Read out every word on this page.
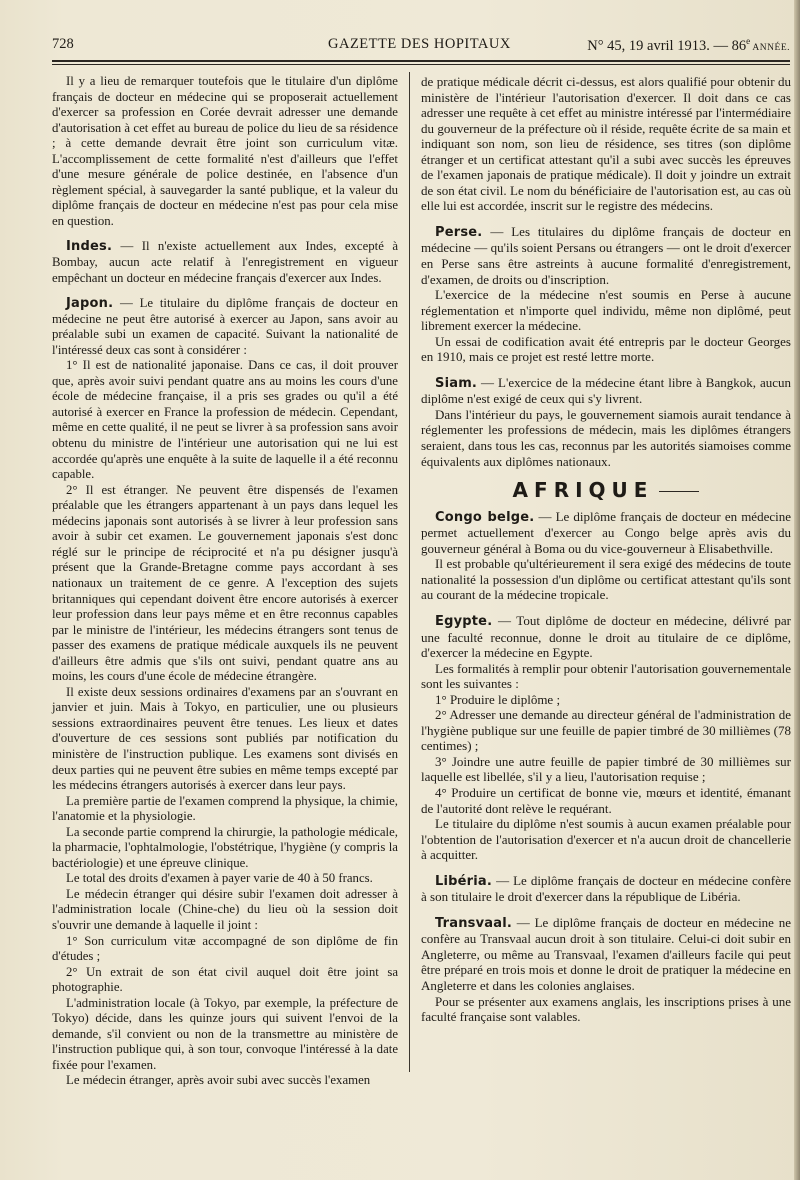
728	GAZETTE DES HOPITAUX	N° 45, 19 avril 1913. — 86e ANNÉE.

Il y a lieu de remarquer toutefois que le titulaire d'un diplôme français de docteur en médecine qui se proposerait actuellement d'exercer sa profession en Corée devrait adresser une demande d'autorisation à cet effet au bureau de police du lieu de sa résidence ; à cette demande devrait être joint son curriculum vitæ. L'accomplissement de cette formalité n'est d'ailleurs que l'effet d'une mesure générale de police destinée, en l'absence d'un règlement spécial, à sauvegarder la santé publique, et la valeur du diplôme français de docteur en médecine n'est pas pour cela mise en question.

Indes. — Il n'existe actuellement aux Indes, excepté à Bombay, aucun acte relatif à l'enregistrement en vigueur empêchant un docteur en médecine français d'exercer aux Indes.

Japon. — Le titulaire du diplôme français de docteur en médecine ne peut être autorisé à exercer au Japon, sans avoir au préalable subi un examen de capacité. Suivant la nationalité de l'intéressé deux cas sont à considérer :

1° Il est de nationalité japonaise. Dans ce cas, il doit prouver que, après avoir suivi pendant quatre ans au moins les cours d'une école de médecine française, il a pris ses grades ou qu'il a été autorisé à exercer en France la profession de médecin. Cependant, même en cette qualité, il ne peut se livrer à sa profession sans avoir obtenu du ministre de l'intérieur une autorisation qui ne lui est accordée qu'après une enquête à la suite de laquelle il a été reconnu capable.

2° Il est étranger. Ne peuvent être dispensés de l'examen préalable que les étrangers appartenant à un pays dans lequel les médecins japonais sont autorisés à se livrer à leur profession sans avoir à subir cet examen. Le gouvernement japonais s'est donc réglé sur le principe de réciprocité et n'a pu désigner jusqu'à présent que la Grande-Bretagne comme pays accordant à ses nationaux un traitement de ce genre. A l'exception des sujets britanniques qui cependant doivent être encore autorisés à exercer leur profession dans leur pays même et en être reconnus capables par le ministre de l'intérieur, les médecins étrangers sont tenus de passer des examens de pratique médicale auxquels ils ne peuvent d'ailleurs être admis que s'ils ont suivi, pendant quatre ans au moins, les cours d'une école de médecine étrangère.

Il existe deux sessions ordinaires d'examens par an s'ouvrant en janvier et juin. Mais à Tokyo, en particulier, une ou plusieurs sessions extraordinaires peuvent être tenues. Les lieux et dates d'ouverture de ces sessions sont publiés par notification du ministère de l'instruction publique. Les examens sont divisés en deux parties qui ne peuvent être subies en même temps excepté par les médecins étrangers autorisés à exercer dans leur pays.

La première partie de l'examen comprend la physique, la chimie, l'anatomie et la physiologie.

La seconde partie comprend la chirurgie, la pathologie médicale, la pharmacie, l'ophtalmologie, l'obstétrique, l'hygiène (y compris la bactériologie) et une épreuve clinique.

Le total des droits d'examen à payer varie de 40 à 50 francs.

Le médecin étranger qui désire subir l'examen doit adresser à l'administration locale (Chine-che) du lieu où la session doit s'ouvrir une demande à laquelle il joint :

1° Son curriculum vitæ accompagné de son diplôme de fin d'études ;

2° Un extrait de son état civil auquel doit être joint sa photographie.

L'administration locale (à Tokyo, par exemple, la préfecture de Tokyo) décide, dans les quinze jours qui suivent l'envoi de la demande, s'il convient ou non de la transmettre au ministère de l'instruction publique qui, à son tour, convoque l'intéressé à la date fixée pour l'examen.

Le médecin étranger, après avoir subi avec succès l'examen

de pratique médicale décrit ci-dessus, est alors qualifié pour obtenir du ministère de l'intérieur l'autorisation d'exercer. Il doit dans ce cas adresser une requête à cet effet au ministre intéressé par l'intermédiaire du gouverneur de la préfecture où il réside, requête écrite de sa main et indiquant son nom, son lieu de résidence, ses titres (son diplôme étranger et un certificat attestant qu'il a subi avec succès les épreuves de l'examen japonais de pratique médicale). Il doit y joindre un extrait de son état civil. Le nom du bénéficiaire de l'autorisation est, au cas où elle lui est accordée, inscrit sur le registre des médecins.

Perse. — Les titulaires du diplôme français de docteur en médecine — qu'ils soient Persans ou étrangers — ont le droit d'exercer en Perse sans être astreints à aucune formalité d'enregistrement, d'examen, de droits ou d'inscription.

L'exercice de la médecine n'est soumis en Perse à aucune réglementation et n'importe quel individu, même non diplômé, peut librement exercer la médecine.

Un essai de codification avait été entrepris par le docteur Georges en 1910, mais ce projet est resté lettre morte.

Siam. — L'exercice de la médecine étant libre à Bangkok, aucun diplôme n'est exigé de ceux qui s'y livrent.

Dans l'intérieur du pays, le gouvernement siamois aurait tendance à réglementer les professions de médecin, mais les diplômes étrangers seraient, dans tous les cas, reconnus par les autorités siamoises comme équivalents aux diplômes nationaux.

AFRIQUE

Congo belge. — Le diplôme français de docteur en médecine permet actuellement d'exercer au Congo belge après avis du gouverneur général à Boma ou du vice-gouverneur à Elisabethville.

Il est probable qu'ultérieurement il sera exigé des médecins de toute nationalité la possession d'un diplôme ou certificat attestant qu'ils sont au courant de la médecine tropicale.

Egypte. — Tout diplôme de docteur en médecine, délivré par une faculté reconnue, donne le droit au titulaire de ce diplôme, d'exercer la médecine en Egypte.

Les formalités à remplir pour obtenir l'autorisation gouvernementale sont les suivantes :

1° Produire le diplôme ;

2° Adresser une demande au directeur général de l'administration de l'hygiène publique sur une feuille de papier timbré de 30 millièmes (78 centimes) ;

3° Joindre une autre feuille de papier timbré de 30 millièmes sur laquelle est libellée, s'il y a lieu, l'autorisation requise ;

4° Produire un certificat de bonne vie, mœurs et identité, émanant de l'autorité dont relève le requérant.

Le titulaire du diplôme n'est soumis à aucun examen préalable pour l'obtention de l'autorisation d'exercer et n'a aucun droit de chancellerie à acquitter.

Libéria. — Le diplôme français de docteur en médecine confère à son titulaire le droit d'exercer dans la république de Libéria.

Transvaal. — Le diplôme français de docteur en médecine ne confère au Transvaal aucun droit à son titulaire. Celui-ci doit subir en Angleterre, ou même au Transvaal, l'examen d'ailleurs facile qui peut être préparé en trois mois et donne le droit de pratiquer la médecine en Angleterre et dans les colonies anglaises.

Pour se présenter aux examens anglais, les inscriptions prises à une faculté française sont valables.
